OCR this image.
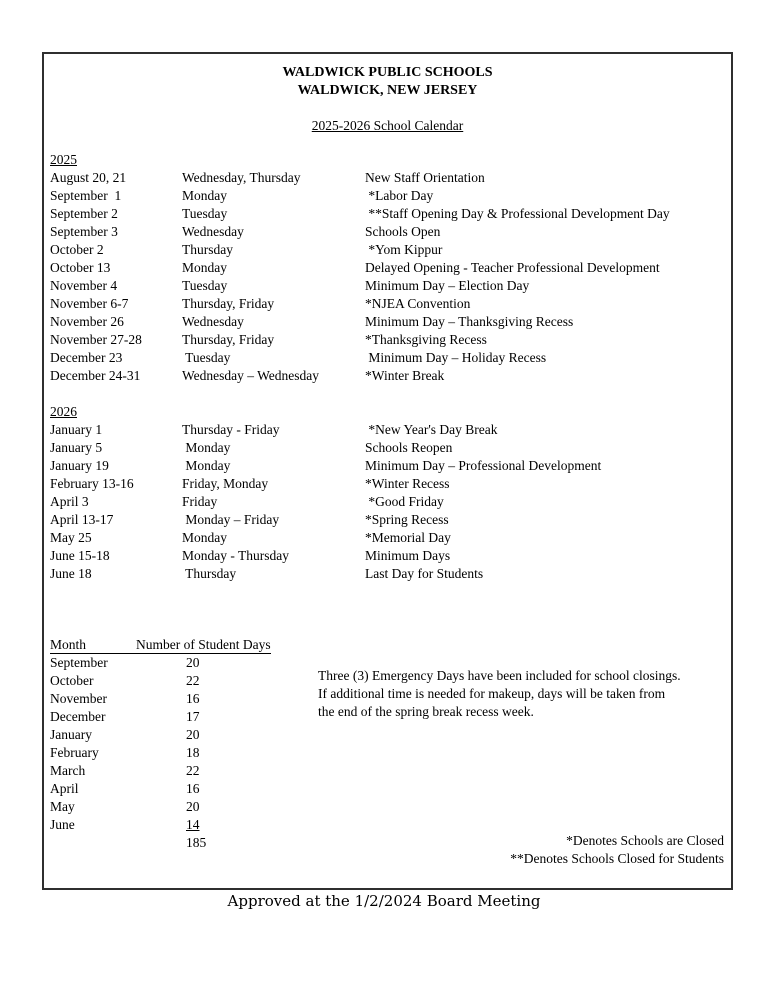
WALDWICK PUBLIC SCHOOLS
WALDWICK, NEW JERSEY
2025-2026 School Calendar
2025
August 20, 21	Wednesday, Thursday	New Staff Orientation
September  1	Monday	*Labor Day
September 2	Tuesday	**Staff Opening Day & Professional Development Day
September 3	Wednesday	Schools Open
October 2	Thursday	*Yom Kippur
October 13	Monday	Delayed Opening - Teacher Professional Development
November 4	Tuesday	Minimum Day – Election Day
November 6-7	Thursday, Friday	*NJEA Convention
November 26	Wednesday	Minimum Day – Thanksgiving Recess
November 27-28	Thursday, Friday	*Thanksgiving Recess
December 23	Tuesday	Minimum Day – Holiday Recess
December 24-31	Wednesday – Wednesday	*Winter Break
2026
January 1	Thursday - Friday	*New Year's Day Break
January 5	Monday	Schools Reopen
January 19	Monday	Minimum Day – Professional Development
February 13-16	Friday, Monday	*Winter Recess
April 3	Friday	*Good Friday
April 13-17	Monday – Friday	*Spring Recess
May 25	Monday	*Memorial Day
June 15-18	Monday - Thursday	Minimum Days
June 18	Thursday	Last Day for Students
Month	Number of Student Days
September	20
October	22
November	16
December	17
January	20
February	18
March	22
April	16
May	20
June	14
185
Three (3) Emergency Days have been included for school closings.
If additional time is needed for makeup, days will be taken from
the end of the spring break recess week.
*Denotes Schools are Closed
**Denotes Schools Closed for Students
Approved at the 1/2/2024 Board Meeting
